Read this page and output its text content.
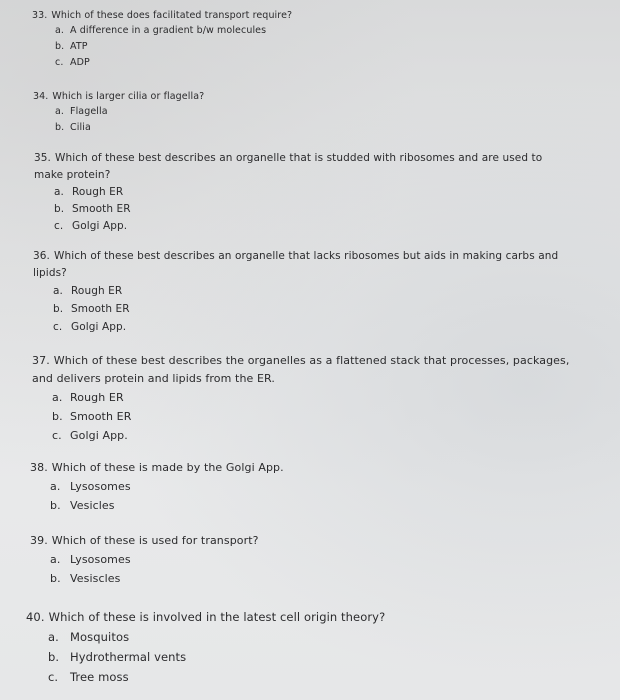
33. Which of these does facilitated transport require?
a. A difference in a gradient b/w molecules
b. ATP
c. ADP
34. Which is larger cilia or flagella?
a. Flagella
b. Cilia
35. Which of these best describes an organelle that is studded with ribosomes and are used to make protein?
a. Rough ER
b. Smooth ER
c. Golgi App.
36. Which of these best describes an organelle that lacks ribosomes but aids in making carbs and lipids?
a. Rough ER
b. Smooth ER
c. Golgi App.
37. Which of these best describes the organelles as a flattened stack that processes, packages, and delivers protein and lipids from the ER.
a. Rough ER
b. Smooth ER
c. Golgi App.
38. Which of these is made by the Golgi App.
a. Lysosomes
b. Vesicles
39. Which of these is used for transport?
a. Lysosomes
b. Vesiscles
40. Which of these is involved in the latest cell origin theory?
a. Mosquitos
b. Hydrothermal vents
c. Tree moss
